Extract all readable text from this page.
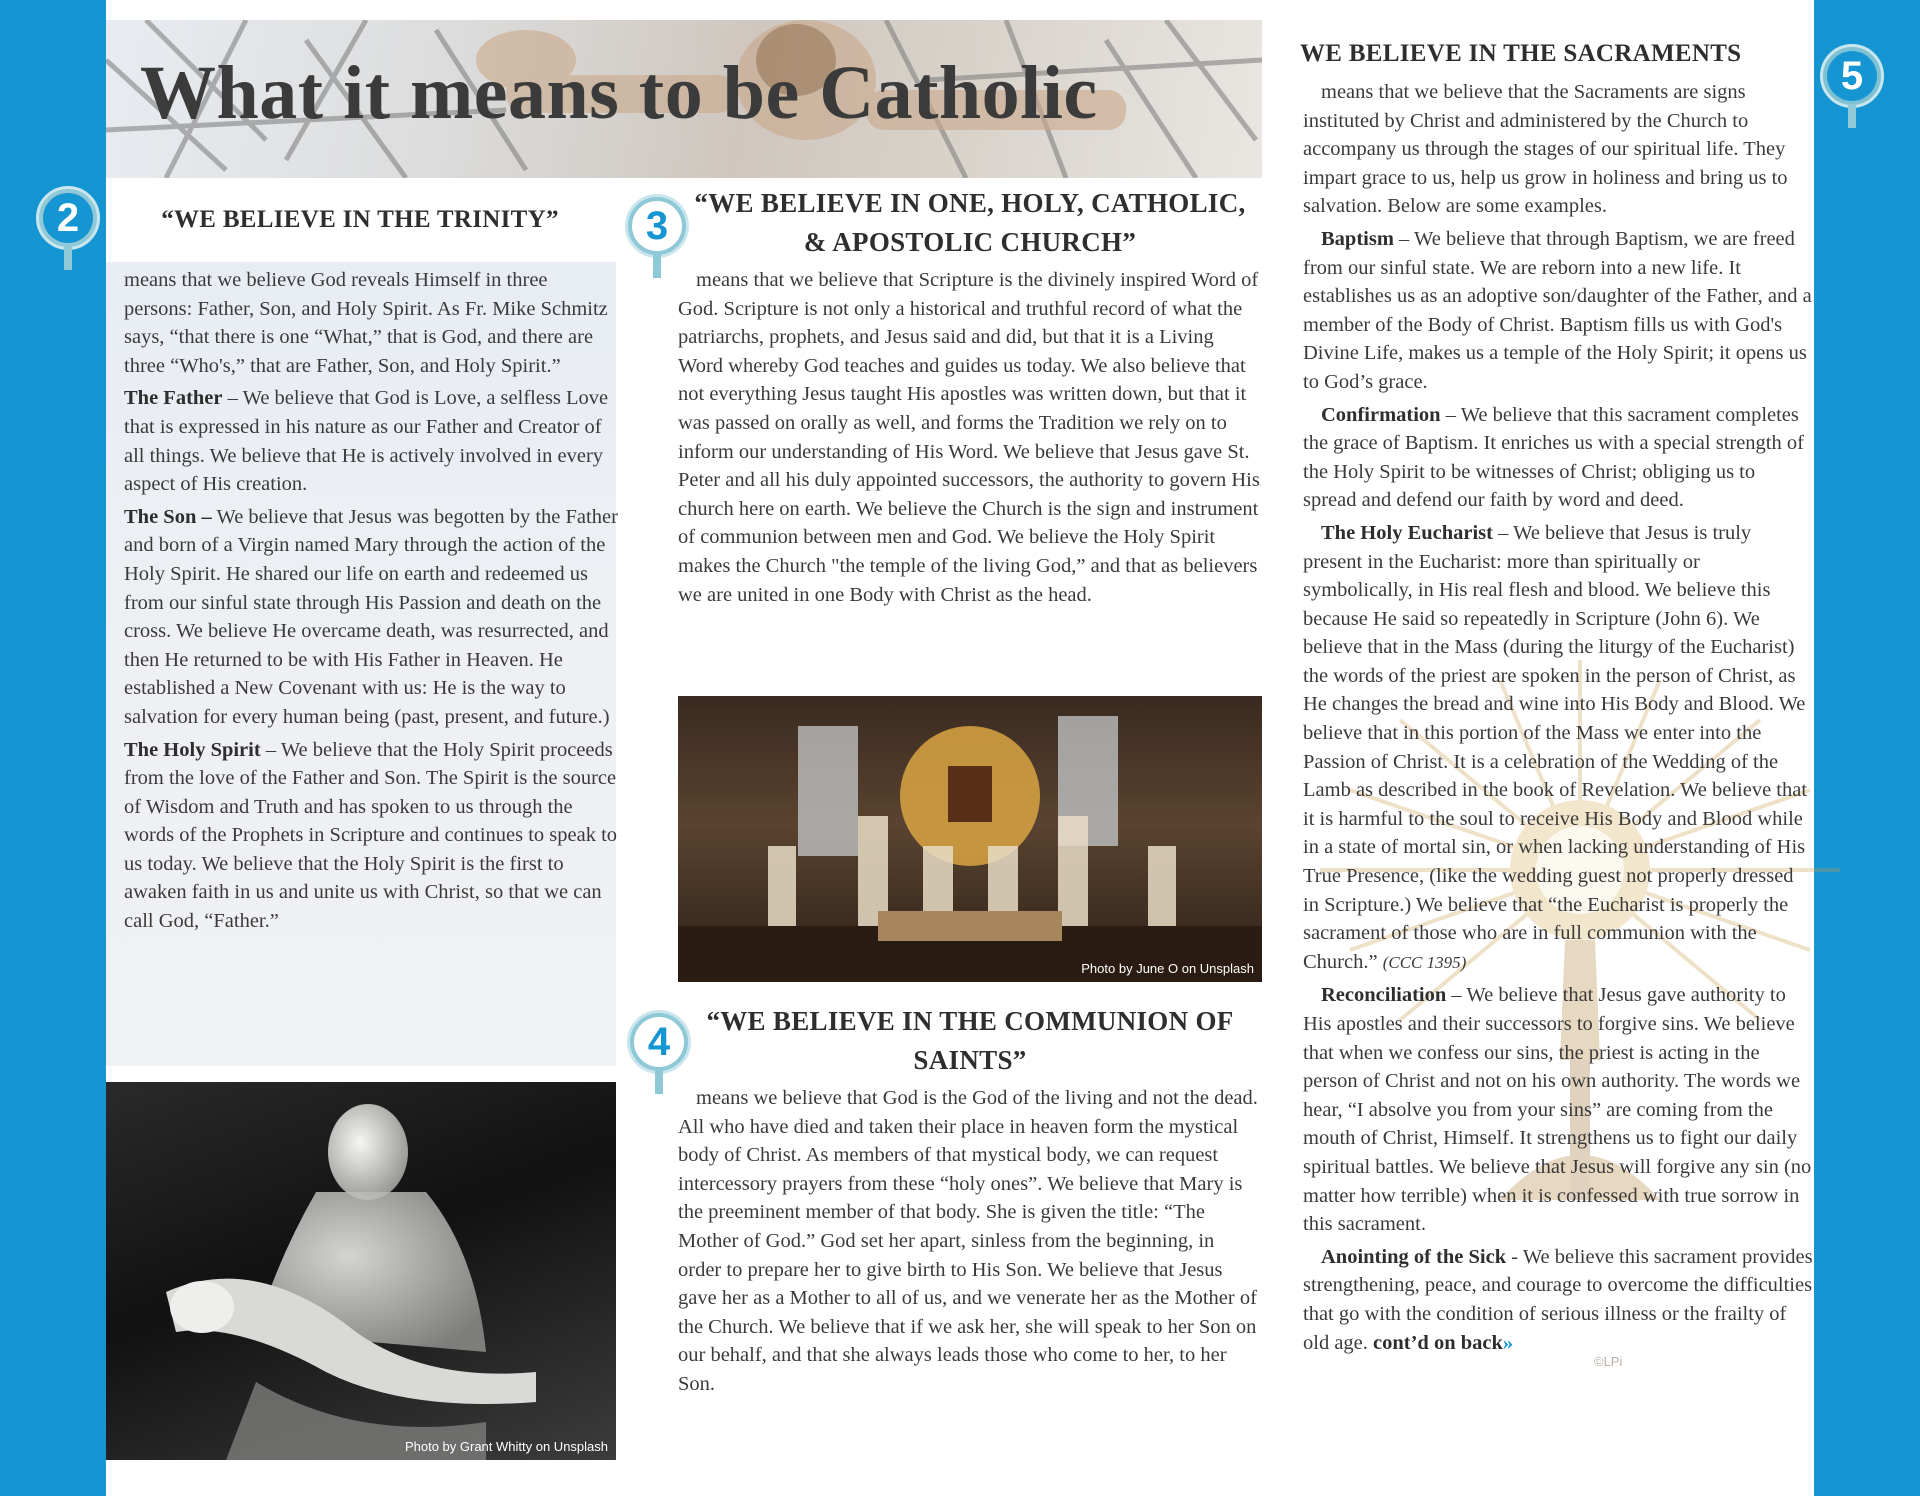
What it means to be Catholic
2	“WE BELIEVE IN THE TRINITY”

means that we believe God reveals Himself in three persons: Father, Son, and Holy Spirit. As Fr. Mike Schmitz says, “that there is one “What,” that is God, and there are three “Who's,” that are Father, Son, and Holy Spirit.”

The Father – We believe that God is Love, a selfless Love that is expressed in his nature as our Father and Creator of all things. We believe that He is actively involved in every aspect of His creation.

The Son – We believe that Jesus was begotten by the Father and born of a Virgin named Mary through the action of the Holy Spirit. He shared our life on earth and redeemed us from our sinful state through His Passion and death on the cross. We believe He overcame death, was resurrected, and then He returned to be with His Father in Heaven. He established a New Covenant with us: He is the way to salvation for every human being (past, present, and future.)

The Holy Spirit – We believe that the Holy Spirit proceeds from the love of the Father and Son. The Spirit is the source of Wisdom and Truth and has spoken to us through the words of the Prophets in Scripture and continues to speak to us today. We believe that the Holy Spirit is the first to awaken faith in us and unite us with Christ, so that we can call God, “Father.”

Photo by Grant Whitty on Unsplash
3
“WE BELIEVE IN ONE, HOLY, CATHOLIC,
& APOSTOLIC CHURCH”
means that we believe that Scripture is the divinely inspired Word of God. Scripture is not only a historical and truthful record of what the patriarchs, prophets, and Jesus said and did, but that it is a Living Word whereby God teaches and guides us today. We also believe that not everything Jesus taught His apostles was written down, but that it was passed on orally as well, and forms the Tradition we rely on to inform our understanding of His Word. We believe that Jesus gave St. Peter and all his duly appointed successors, the authority to govern His church here on earth. We believe the Church is the sign and instrument of communion between men and God. We believe the Holy Spirit makes the Church "the temple of the living God,” and that as believers we are united in one Body with Christ as the head.
Photo by June O on Unsplash
4	“WE BELIEVE IN THE COMMUNION OF
SAINTS”
means we believe that God is the God of the living and not the dead. All who have died and taken their place in heaven form the mystical body of Christ. As members of that mystical body, we can request intercessory prayers from these “holy ones”. We believe that Mary is the preeminent member of that body. She is given the title: “The Mother of God.” God set her apart, sinless from the beginning, in order to prepare her to give birth to His Son. We believe that Jesus gave her as a Mother to all of us, and we venerate her as the Mother of the Church. We believe that if we ask her, she will speak to her Son on our behalf, and that she always leads those who come to her, to her Son.
5
WE BELIEVE IN THE SACRAMENTS

means that we believe that the Sacraments are signs instituted by Christ and administered by the Church to accompany us through the stages of our spiritual life. They impart grace to us, help us grow in holiness and bring us to salvation. Below are some examples.

Baptism – We believe that through Baptism, we are freed from our sinful state. We are reborn into a new life. It establishes us as an adoptive son/daughter of the Father, and a member of the Body of Christ. Baptism fills us with God's Divine Life, makes us a temple of the Holy Spirit; it opens us to God’s grace.

Confirmation – We believe that this sacrament completes the grace of Baptism. It enriches us with a special strength of the Holy Spirit to be witnesses of Christ; obliging us to spread and defend our faith by word and deed.

The Holy Eucharist – We believe that Jesus is truly present in the Eucharist: more than spiritually or symbolically, in His real flesh and blood. We believe this because He said so repeatedly in Scripture (John 6). We believe that in the Mass (during the liturgy of the Eucharist) the words of the priest are spoken in the person of Christ, as He changes the bread and wine into His Body and Blood. We believe that in this portion of the Mass we enter into the Passion of Christ. It is a celebration of the Wedding of the Lamb as described in the book of Revelation. We believe that it is harmful to the soul to receive His Body and Blood while in a state of mortal sin, or when lacking understanding of His True Presence, (like the wedding guest not properly dressed in Scripture.) We believe that “the Eucharist is properly the sacrament of those who are in full communion with the Church.” (CCC 1395)

Reconciliation – We believe that Jesus gave authority to His apostles and their successors to forgive sins. We believe that when we confess our sins, the priest is acting in the person of Christ and not on his own authority. The words we hear, “I absolve you from your sins” are coming from the mouth of Christ, Himself. It strengthens us to fight our daily spiritual battles. We believe that Jesus will forgive any sin (no matter how terrible) when it is confessed with true sorrow in this sacrament.

Anointing of the Sick - We believe this sacrament provides strengthening, peace, and courage to overcome the difficulties that go with the condition of serious illness or the frailty of old age. cont’d on back»

©LPi
